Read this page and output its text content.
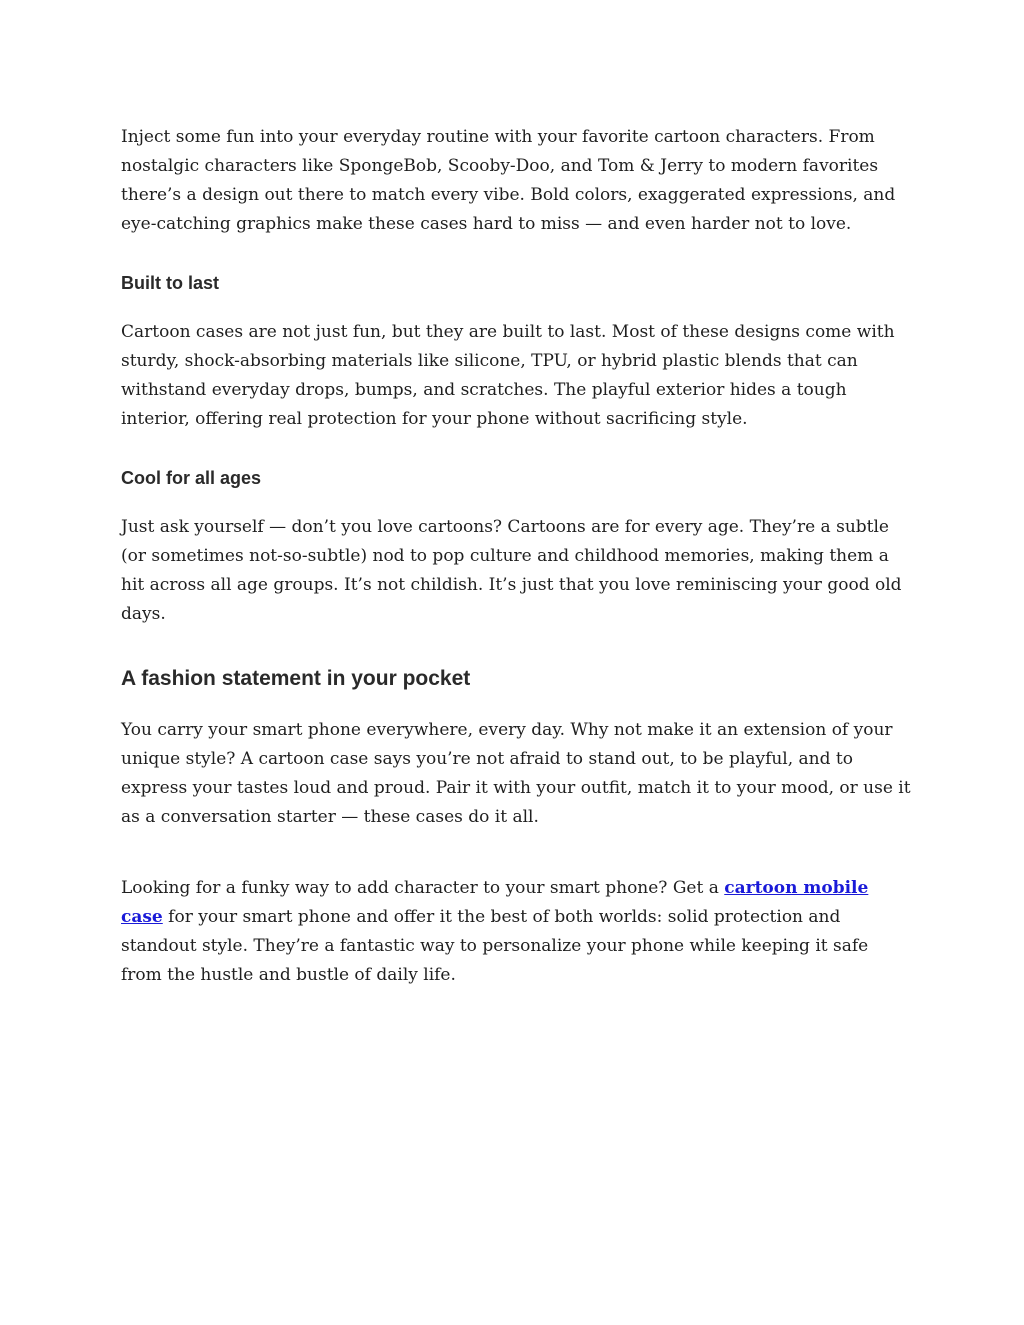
Inject some fun into your everyday routine with your favorite cartoon characters. From nostalgic characters like SpongeBob, Scooby-Doo, and Tom & Jerry to modern favorites there’s a design out there to match every vibe. Bold colors, exaggerated expressions, and eye-catching graphics make these cases hard to miss — and even harder not to love.

Built to last

Cartoon cases are not just fun, but they are built to last. Most of these designs come with sturdy, shock-absorbing materials like silicone, TPU, or hybrid plastic blends that can withstand everyday drops, bumps, and scratches. The playful exterior hides a tough interior, offering real protection for your phone without sacrificing style.

Cool for all ages

Just ask yourself — don’t you love cartoons? Cartoons are for every age. They’re a subtle (or sometimes not-so-subtle) nod to pop culture and childhood memories, making them a hit across all age groups. It’s not childish. It’s just that you love reminiscing your good old days.

A fashion statement in your pocket

You carry your smart phone everywhere, every day. Why not make it an extension of your unique style? A cartoon case says you’re not afraid to stand out, to be playful, and to express your tastes loud and proud. Pair it with your outfit, match it to your mood, or use it as a conversation starter — these cases do it all.

Looking for a funky way to add character to your smart phone? Get a cartoon mobile case for your smart phone and offer it the best of both worlds: solid protection and standout style. They’re a fantastic way to personalize your phone while keeping it safe from the hustle and bustle of daily life.
